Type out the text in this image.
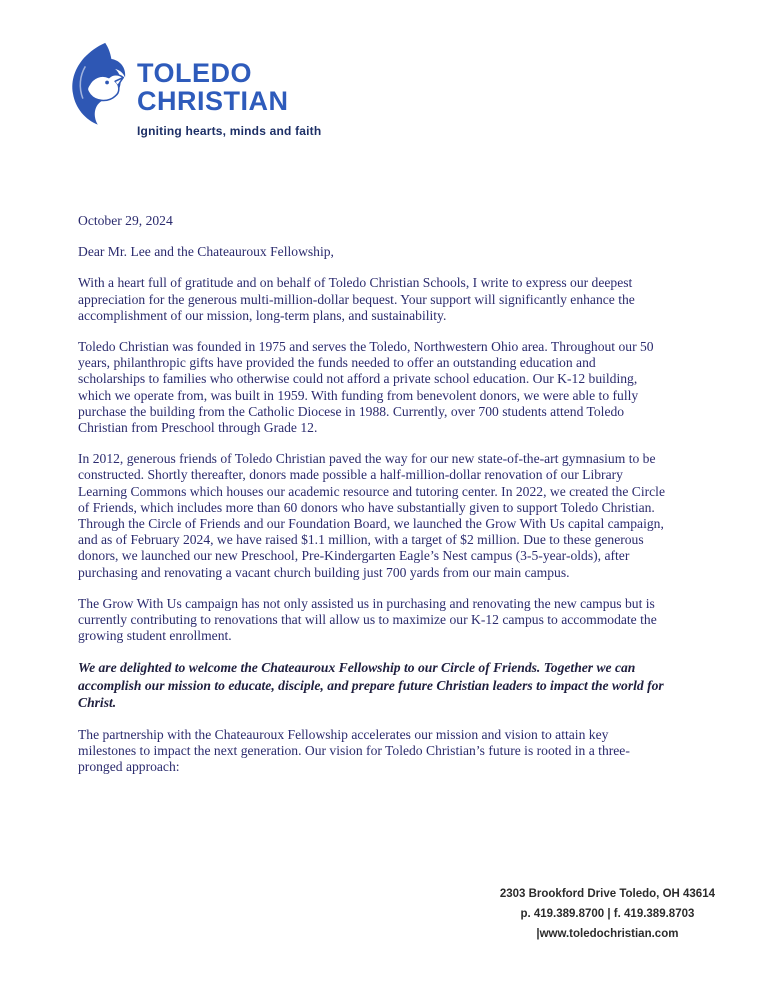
TOLEDO
CHRISTIAN
Igniting hearts, minds and faith

October 29, 2024

Dear Mr. Lee and the Chateauroux Fellowship,

With a heart full of gratitude and on behalf of Toledo Christian Schools, I write to express our deepest appreciation for the generous multi-million-dollar bequest. Your support will significantly enhance the accomplishment of our mission, long-term plans, and sustainability.

Toledo Christian was founded in 1975 and serves the Toledo, Northwestern Ohio area. Throughout our 50 years, philanthropic gifts have provided the funds needed to offer an outstanding education and scholarships to families who otherwise could not afford a private school education. Our K-12 building, which we operate from, was built in 1959. With funding from benevolent donors, we were able to fully purchase the building from the Catholic Diocese in 1988. Currently, over 700 students attend Toledo Christian from Preschool through Grade 12.

In 2012, generous friends of Toledo Christian paved the way for our new state-of-the-art gymnasium to be constructed. Shortly thereafter, donors made possible a half-million-dollar renovation of our Library Learning Commons which houses our academic resource and tutoring center. In 2022, we created the Circle of Friends, which includes more than 60 donors who have substantially given to support Toledo Christian. Through the Circle of Friends and our Foundation Board, we launched the Grow With Us capital campaign, and as of February 2024, we have raised $1.1 million, with a target of $2 million. Due to these generous donors, we launched our new Preschool, Pre-Kindergarten Eagle’s Nest campus (3-5-year-olds), after purchasing and renovating a vacant church building just 700 yards from our main campus.

The Grow With Us campaign has not only assisted us in purchasing and renovating the new campus but is currently contributing to renovations that will allow us to maximize our K-12 campus to accommodate the growing student enrollment.

We are delighted to welcome the Chateauroux Fellowship to our Circle of Friends. Together we can accomplish our mission to educate, disciple, and prepare future Christian leaders to impact the world for Christ.

The partnership with the Chateauroux Fellowship accelerates our mission and vision to attain key milestones to impact the next generation. Our vision for Toledo Christian’s future is rooted in a three-pronged approach:

2303 Brookford Drive Toledo, OH 43614
p. 419.389.8700 | f. 419.389.8703
|www.toledochristian.com
